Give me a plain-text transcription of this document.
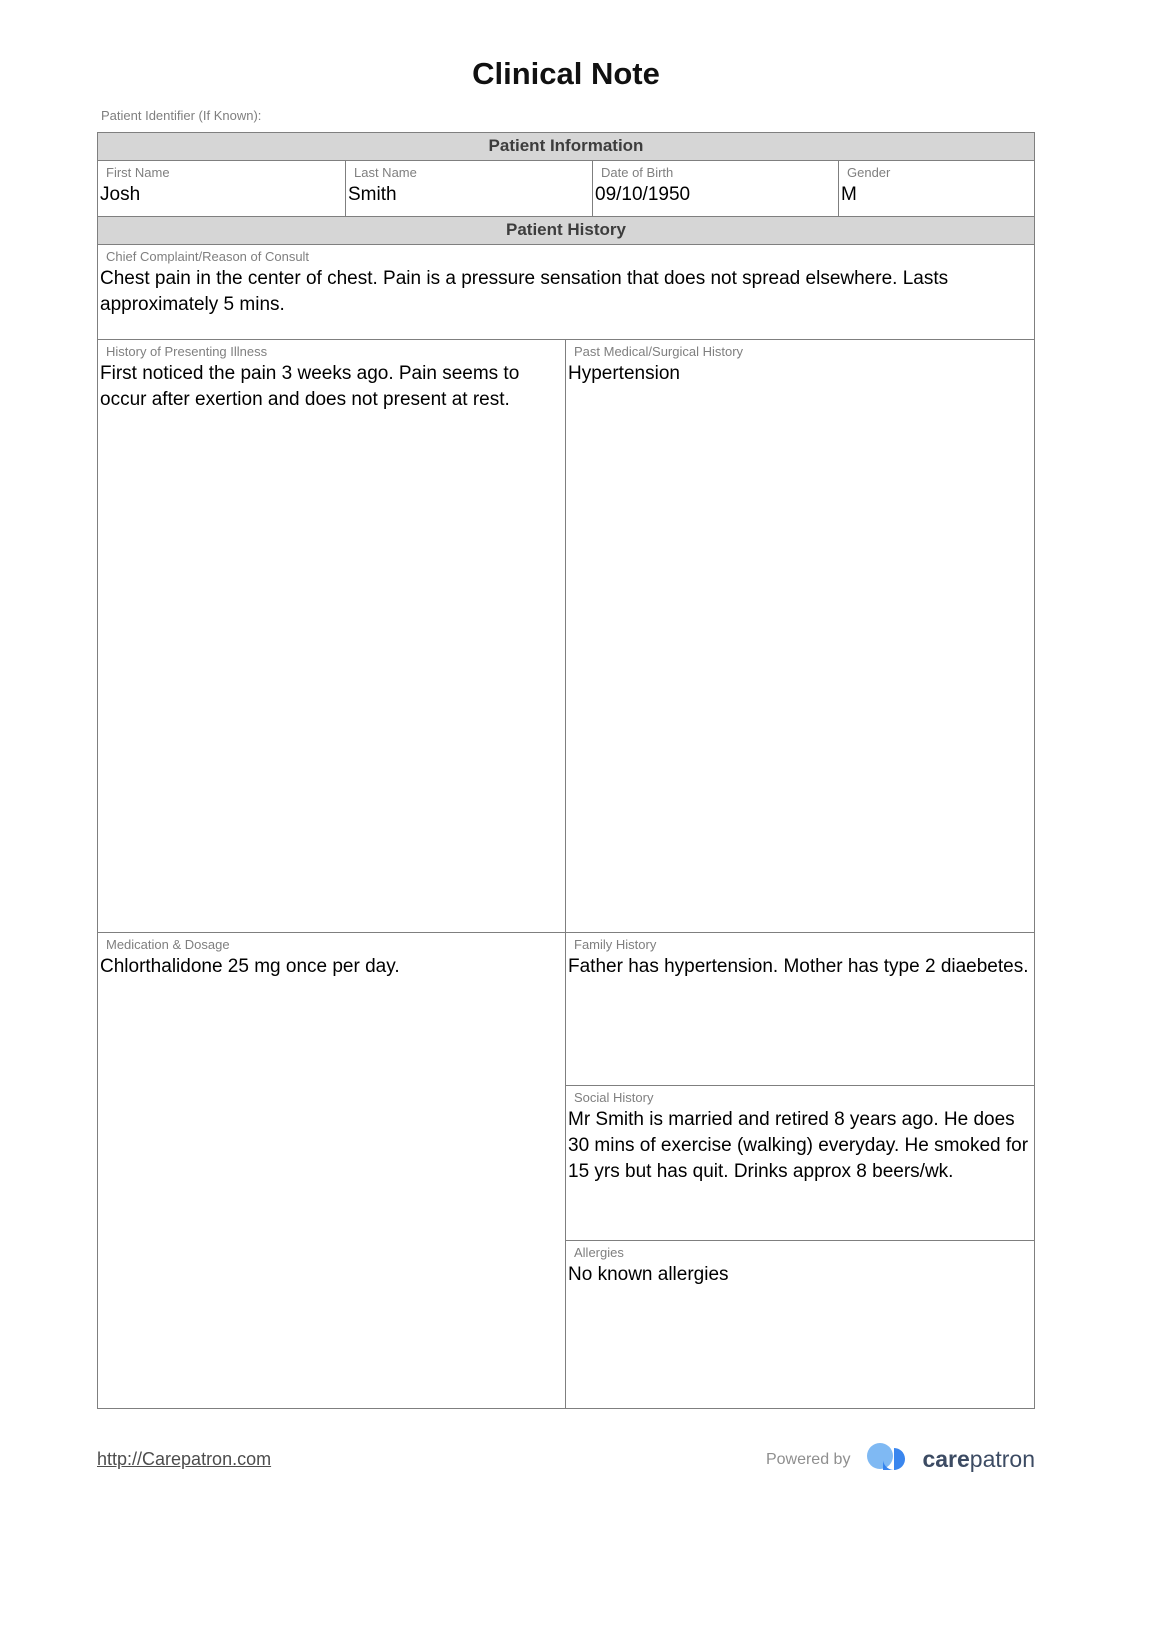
Clinical Note
Patient Identifier (If Known):
Patient Information
First Name
Josh
Last Name
Smith
Date of Birth
09/10/1950
Gender
M
Patient History
Chief Complaint/Reason of Consult
Chest pain in the center of chest. Pain is a pressure sensation that does not spread elsewhere. Lasts approximately 5 mins.
History of Presenting Illness
First noticed the pain 3 weeks ago. Pain seems to occur after exertion and does not present at rest.
Past Medical/Surgical History
Hypertension
Medication & Dosage
Chlorthalidone 25 mg once per day.
Family History
Father has hypertension. Mother has type 2 diaebetes.
Social History
Mr Smith is married and retired 8 years ago. He does 30 mins of exercise (walking) everyday. He smoked for 15 yrs but has quit. Drinks approx 8 beers/wk.
Allergies
No known allergies
http://Carepatron.com	Powered by	care patron
